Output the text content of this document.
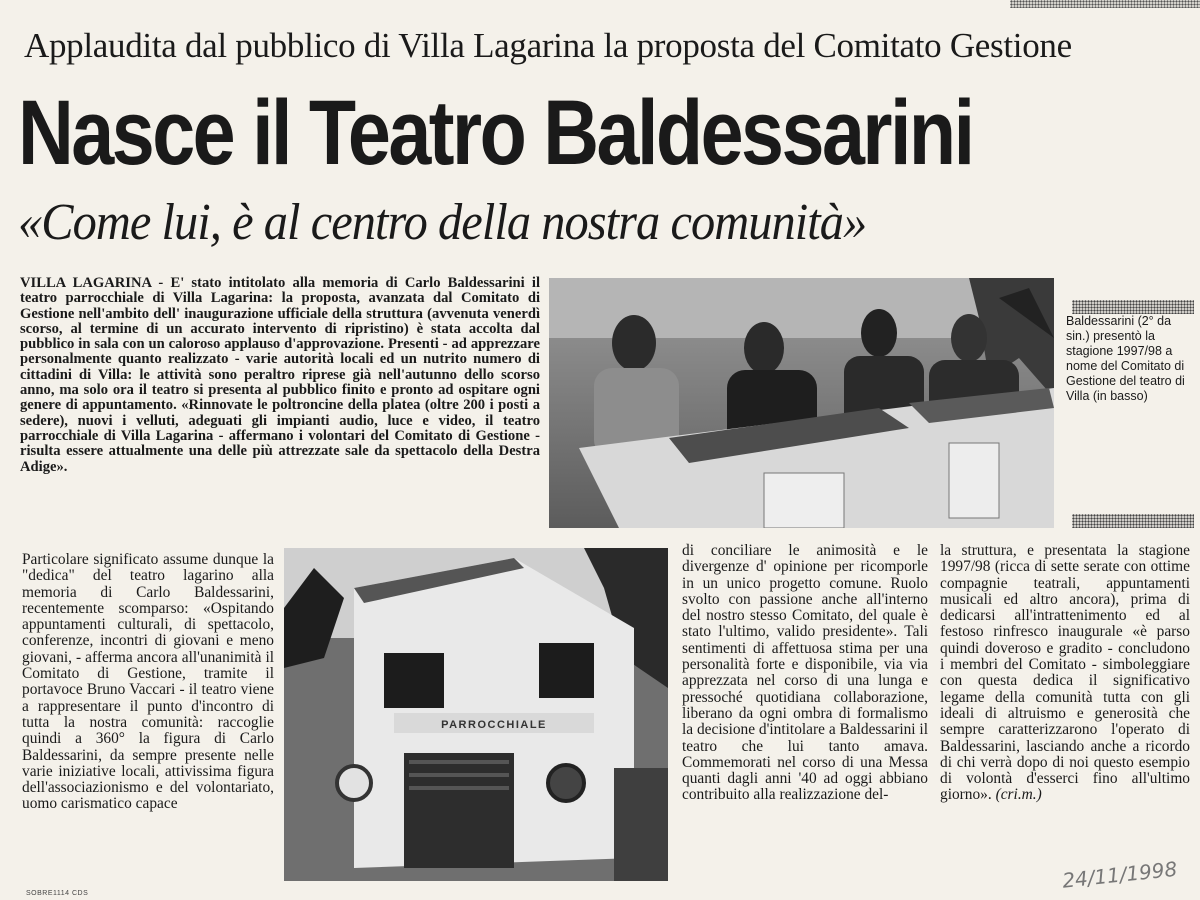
Applaudita dal pubblico di Villa Lagarina la proposta del Comitato Gestione
Nasce il Teatro Baldessarini
«Come lui, è al centro della nostra comunità»
VILLA LAGARINA - E' stato intitolato alla memoria di Carlo Baldessarini il teatro parrocchiale di Villa Lagarina: la proposta, avanzata dal Comitato di Gestione nell'ambito dell' inaugurazione ufficiale della struttura (avvenuta venerdì scorso, al termine di un accurato intervento di ripristino) è stata accolta dal pubblico in sala con un caloroso applauso d'approvazione. Presenti - ad apprezzare personalmente quanto realizzato - varie autorità locali ed un nutrito numero di cittadini di Villa: le attività sono peraltro riprese già nell'autunno dello scorso anno, ma solo ora il teatro si presenta al pubblico finito e pronto ad ospitare ogni genere di appuntamento. «Rinnovate le poltroncine della platea (oltre 200 i posti a sedere), nuovi i velluti, adeguati gli impianti audio, luce e video, il teatro parrocchiale di Villa Lagarina - affermano i volontari del Comitato di Gestione - risulta essere attualmente una delle più attrezzate sale da spettacolo della Destra Adige».
Baldessarini (2° da sin.) presentò la stagione 1997/98 a nome del Comitato di Gestione del teatro di Villa (in basso)
Particolare significato assume dunque la "dedica" del teatro lagarino alla memoria di Carlo Baldessarini, recentemente scomparso: «Ospitando appuntamenti culturali, di spettacolo, conferenze, incontri di giovani e meno giovani, - afferma ancora all'unanimità il Comitato di Gestione, tramite il portavoce Bruno Vaccari - il teatro viene a rappresentare il punto d'incontro di tutta la nostra comunità: raccoglie quindi a 360° la figura di Carlo Baldessarini, da sempre presente nelle varie iniziative locali, attivissima figura dell'associazionismo e del volontariato, uomo carismatico capace
PARROCCHIALE
di conciliare le animosità e le divergenze d' opinione per ricomporle in un unico progetto comune. Ruolo svolto con passione anche all'interno del nostro stesso Comitato, del quale è stato l'ultimo, valido presidente». Tali sentimenti di affettuosa stima per una personalità forte e disponibile, via via apprezzata nel corso di una lunga e pressoché quotidiana collaborazione, liberano da ogni ombra di formalismo la decisione d'intitolare a Baldessarini il teatro che lui tanto amava. Commemorati nel corso di una Messa quanti dagli anni '40 ad oggi abbiano contribuito alla realizzazione del-
la struttura, e presentata la stagione 1997/98 (ricca di sette serate con ottime compagnie teatrali, appuntamenti musicali ed altro ancora), prima di dedicarsi all'intrattenimento ed al festoso rinfresco inaugurale «è parso quindi doveroso e gradito - concludono i membri del Comitato - simboleggiare con questa dedica il significativo legame della comunità tutta con gli ideali di altruismo e generosità che sempre caratterizzarono l'operato di Baldessarini, lasciando anche a ricordo di chi verrà dopo di noi questo esempio di volontà d'esserci fino all'ultimo giorno». (cri.m.)
24/11/1998
SOBRE1114 CDS
